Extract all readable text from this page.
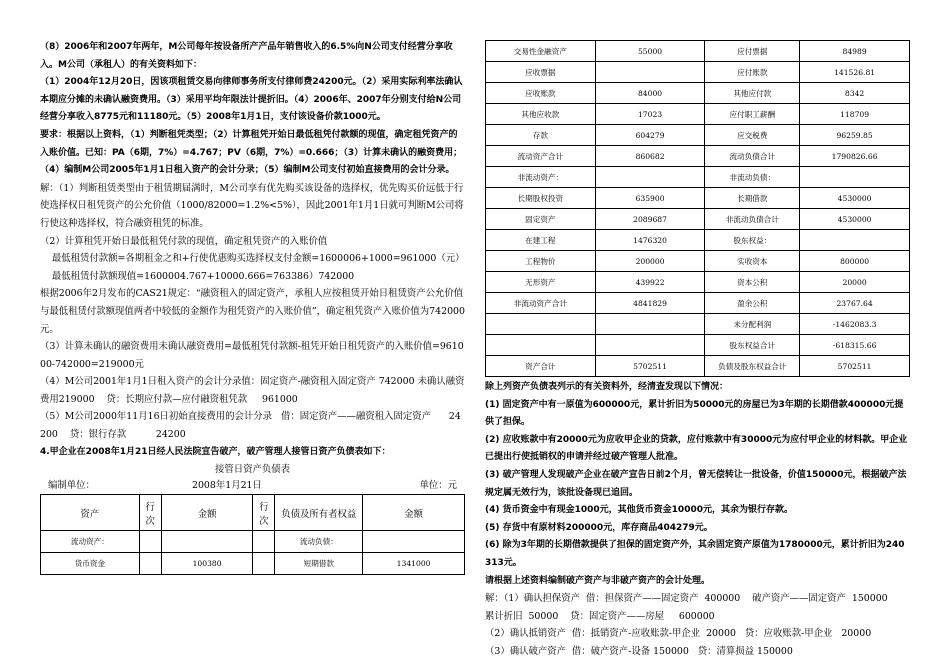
（8）2006年和2007年两年，M公司每年按设备所产产品年销售收入的6.5%向N公司支付经营分享收入。M公司（承租人）的有关资料如下：
（1）2004年12月20日，因该项租赁交易向律师事务所支付律师费24200元。（2）采用实际利率法确认本期应分摊的未确认融资费用。（3）采用平均年限法计提折旧。（4）2006年、2007年分别支付给N公司经营分享收入8775元和11180元。（5）2008年1月1日，支付该设备价款1000元。
要求：根据以上资料，（1）判断租凭类型；（2）计算租凭开始日最低租凭付款额的现值，确定租凭资产的入账价值。已知：PA（6期，7%）=4.767；PV（6期，7%）=0.666；（3）计算未确认的融资费用；（4）编制M公司2005年1月1日租入资产的会计分录；（5）编制M公司支付初始直接费用的会计分录。
解：（1）判断租赁类型由于租赁期届满时，M公司享有优先购买该设备的选择权，优先购买价远低于行使选择权日租凭资产的公允价值（1000/82000=1.2%<5%），因此2001年1月1日就可判断M公司将行使这种选择权，符合融资租凭的标准。
（2）计算租凭开始日最低租凭付款的现值，确定租凭资产的入账价值
最低租赁付款额=各期租金之和+行使优惠购买选择权支付金额=1600006+1000=961000（元）
最低租赁付款额现值=1600004.767+10000.666=763386）742000
根据2006年2月发布的CAS21规定：“融资租入的固定资产，承租人应按租赁开始日租赁资产公允价值与最低租赁付款额现值两者中较低的金额作为租凭资产的入账价值”，确定租凭资产入账价值为742000元。
（3）计算未确认的融资费用未确认融资费用=最低租凭付款额-租凭开始日租凭资产的入账价值=961000-742000=219000元
（4）M公司2001年1月1日租入资产的会计分录值：固定资产-融资租入固定资产 742000 未确认融资费用219000    贷：长期应付款—应付融资租凭款     961000
（5）M公司2000年11月16日初始直接费用的会计分录   借：固定资产——融资租入固定资产      24200    贷：银行存款          24200
4.甲企业在2008年1月21日经人民法院宣告破产，破产管理人接管日资产负债表如下：
接管日资产负债表
编制单位：	2008年1月21日	单位：元
资产	行次	金额	行次	负债及所有者权益	金额
流动资产：				流动负债：	
货币资金		100380		短期借款	1341000
交易性金融资产	55000	应付票据	84989
应收票据		应付账款	141526.81
应收账款	84000	其他应付款	8342
其他应收款	17023	应付职工薪酬	118709
存款	604279	应交税费	96259.85
流动资产合计	860682	流动负债合计	1790826.66
非流动资产：		非流动负债：	
长期股权投资	635900	长期借款	4530000
固定资产	2089687	非流动负债合计	4530000
在建工程	1476320	股东权益：	
工程物价	200000	实收资本	800000
无形资产	439922	资本公积	20000
非流动资产合计	4841829	盈余公积	23767.64
		未分配利润	-1462083.3
		股东权益合计	-618315.66
资产合计	5702511	负债及股东权益合计	5702511
除上列资产负债表列示的有关资料外，经清查发现以下情况：
(1) 固定资产中有一原值为600000元，累计折旧为50000元的房屋已为3年期的长期借款400000元提供了担保。
(2) 应收账款中有20000元为应收甲企业的贷款，应付账款中有30000元为应付甲企业的材料款。甲企业已提出行使抵销权的申请并经过破产管理人批准。
(3) 破产管理人发现破产企业在破产宣告日前2个月，曾无偿转让一批设备，价值150000元，根据破产法规定属无效行为，该批设备现已追回。
(4) 货币资金中有现金1000元，其他货币资金10000元，其余为银行存款。
(5) 存货中有原材料200000元，库存商品404279元。
(6) 除为3年期的长期借款提供了担保的固定资产外，其余固定资产原值为1780000元，累计折旧为240313元。
请根据上述资料编制破产资产与非破产资产的会计处理。
解：（1）确认担保资产  借：担保资产——固定资产  400000    破产资产——固定资产  150000     累计折旧  50000    贷：固定资产——房屋     600000
（2）确认抵销资产  借：抵销资产-应收账款-甲企业  20000   贷：应收账款-甲企业   20000
（3）确认破产资产  借：破产资产-设备 150000   贷：清算损益 150000
